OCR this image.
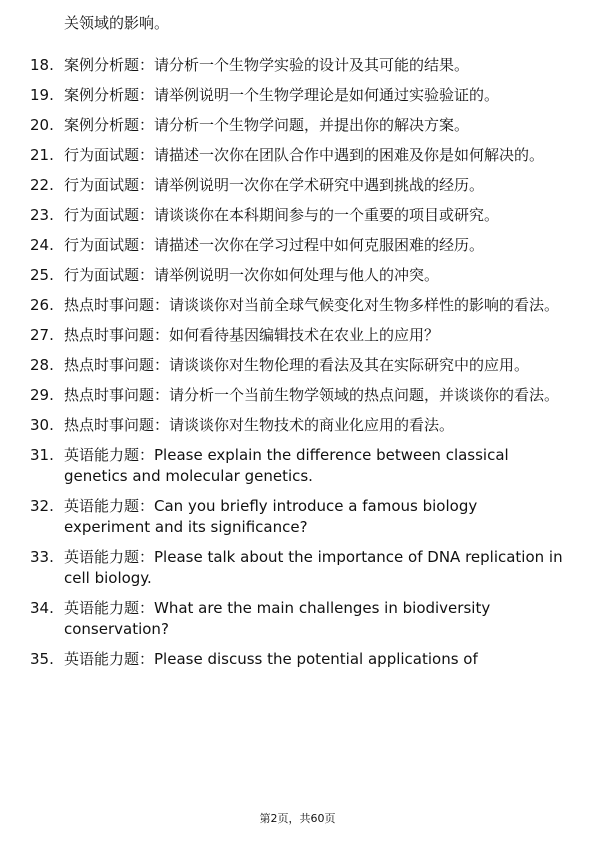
关领域的影响。
18. 案例分析题：请分析一个生物学实验的设计及其可能的结果。
19. 案例分析题：请举例说明一个生物学理论是如何通过实验验证的。
20. 案例分析题：请分析一个生物学问题，并提出你的解决方案。
21. 行为面试题：请描述一次你在团队合作中遇到的困难及你是如何解决的。
22. 行为面试题：请举例说明一次你在学术研究中遇到挑战的经历。
23. 行为面试题：请谈谈你在本科期间参与的一个重要的项目或研究。
24. 行为面试题：请描述一次你在学习过程中如何克服困难的经历。
25. 行为面试题：请举例说明一次你如何处理与他人的冲突。
26. 热点时事问题：请谈谈你对当前全球气候变化对生物多样性的影响的看法。
27. 热点时事问题：如何看待基因编辑技术在农业上的应用？
28. 热点时事问题：请谈谈你对生物伦理的看法及其在实际研究中的应用。
29. 热点时事问题：请分析一个当前生物学领域的热点问题，并谈谈你的看法。
30. 热点时事问题：请谈谈你对生物技术的商业化应用的看法。
31. 英语能力题：Please explain the difference between classical genetics and molecular genetics.
32. 英语能力题：Can you briefly introduce a famous biology experiment and its significance?
33. 英语能力题：Please talk about the importance of DNA replication in cell biology.
34. 英语能力题：What are the main challenges in biodiversity conservation?
35. 英语能力题：Please discuss the potential applications of
第2页，共60页
